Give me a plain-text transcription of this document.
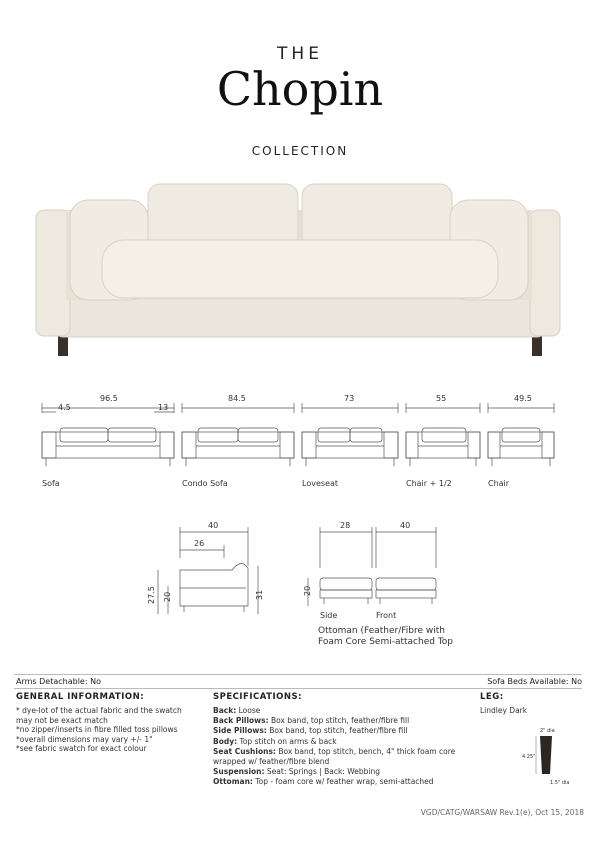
THE
Chopin
COLLECTION
96.5
4.5	13
84.5	73	55	49.5
Sofa	Condo Sofa	Loveseat	Chair + 1/2	Chair
40
26
27.5 20	31
28	40
20
Side	Front
Ottoman (Feather/Fibre with
Foam Core Semi-attached Top
Arms Detachable: No	Sofa Beds Available: No
GENERAL INFORMATION:
* dye-lot of the actual fabric and the swatch
may not be exact match
*no zipper/inserts in fibre filled toss pillows
*overall dimensions may vary +/- 1"
*see fabric swatch for exact colour
SPECIFICATIONS:
Back: Loose
Back Pillows: Box band, top stitch, feather/fibre fill
Side Pillows: Box band, top stitch, feather/fibre fill
Body: Top stitch on arms & back
Seat Cushions: Box band, top stitch, bench, 4" thick foam core
wrapped w/ feather/fibre blend
Suspension: Seat: Springs | Back: Webbing
Ottoman: Top - foam core w/ feather wrap, semi-attached
LEG:
Lindley Dark
2" dia
4.25"
1.5" dia
VGD/CATG/WARSAW Rev.1(e), Oct 15, 2018
